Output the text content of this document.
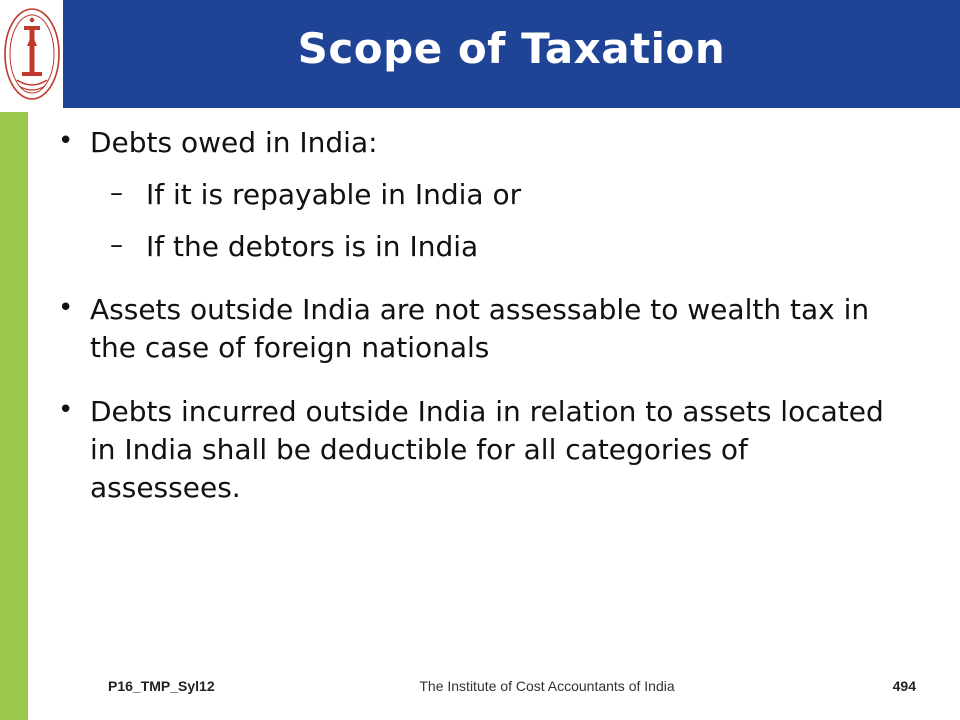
Scope of Taxation
• Debts owed in India:
– If it is repayable in India or
– If the debtors is in India
• Assets outside India are not assessable to wealth tax in the case of foreign nationals
• Debts incurred outside India in relation to assets located in India shall be deductible for all categories of assessees.
P16_TMP_Syl12	The Institute of Cost Accountants of India	494
